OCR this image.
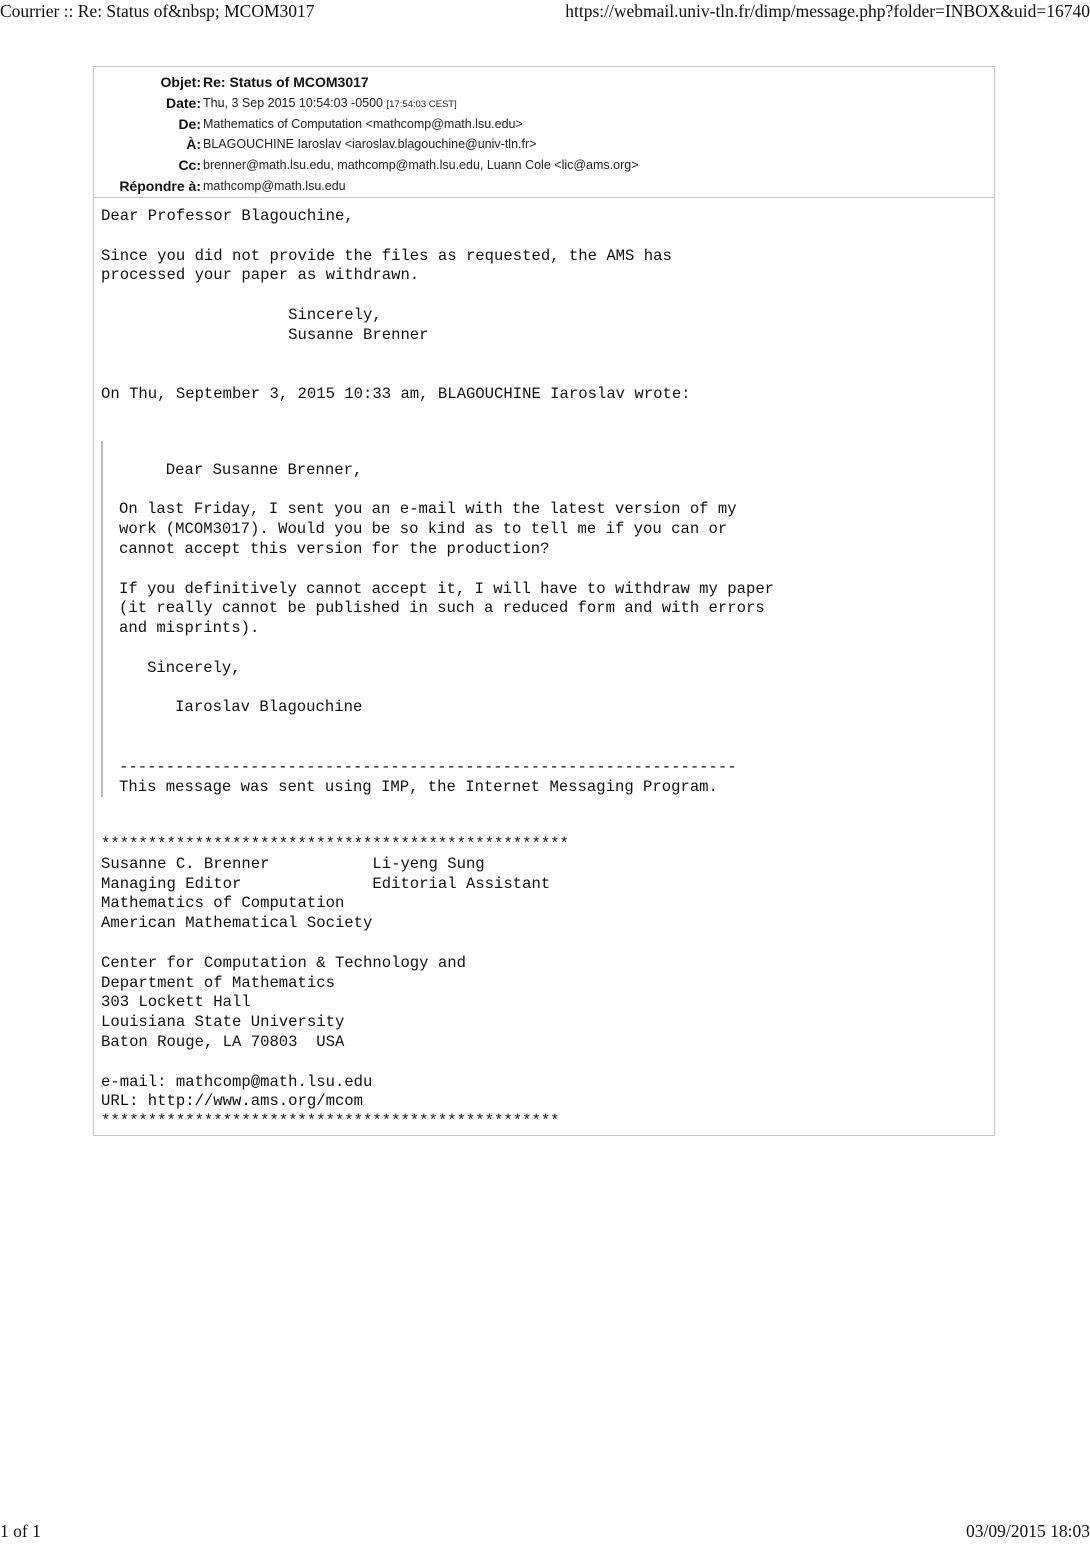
Courrier :: Re: Status of&nbsp; MCOM3017	https://webmail.univ-tln.fr/dimp/message.php?folder=INBOX&uid=16740
Objet: Re: Status of MCOM3017
Date: Thu, 3 Sep 2015 10:54:03 -0500 [17:54:03 CEST]
De: Mathematics of Computation <mathcomp@math.lsu.edu>
À: BLAGOUCHINE Iaroslav <iaroslav.blagouchine@univ-tln.fr>
Cc: brenner@math.lsu.edu, mathcomp@math.lsu.edu, Luann Cole <lic@ams.org>
Répondre à: mathcomp@math.lsu.edu
Dear Professor Blagouchine,

Since you did not provide the files as requested, the AMS has
processed your paper as withdrawn.

Sincerely,
Susanne Brenner

On Thu, September 3, 2015 10:33 am, BLAGOUCHINE Iaroslav wrote:

Dear Susanne Brenner,

On last Friday, I sent you an e-mail with the latest version of my
work (MCOM3017). Would you be so kind as to tell me if you can or
cannot accept this version for the production?

If you definitively cannot accept it, I will have to withdraw my paper
(it really cannot be published in such a reduced form and with errors
and misprints).

Sincerely,

Iaroslav Blagouchine

------------------------------------------------------------------
This message was sent using IMP, the Internet Messaging Program.
**************************************************
Susanne C. Brenner           Li-yeng Sung
Managing Editor              Editorial Assistant
Mathematics of Computation
American Mathematical Society

Center for Computation & Technology and
Department of Mathematics
303 Lockett Hall
Louisiana State University
Baton Rouge, LA 70803  USA

e-mail: mathcomp@math.lsu.edu
URL: http://www.ams.org/mcom
*************************************************
1 of 1	03/09/2015 18:03
